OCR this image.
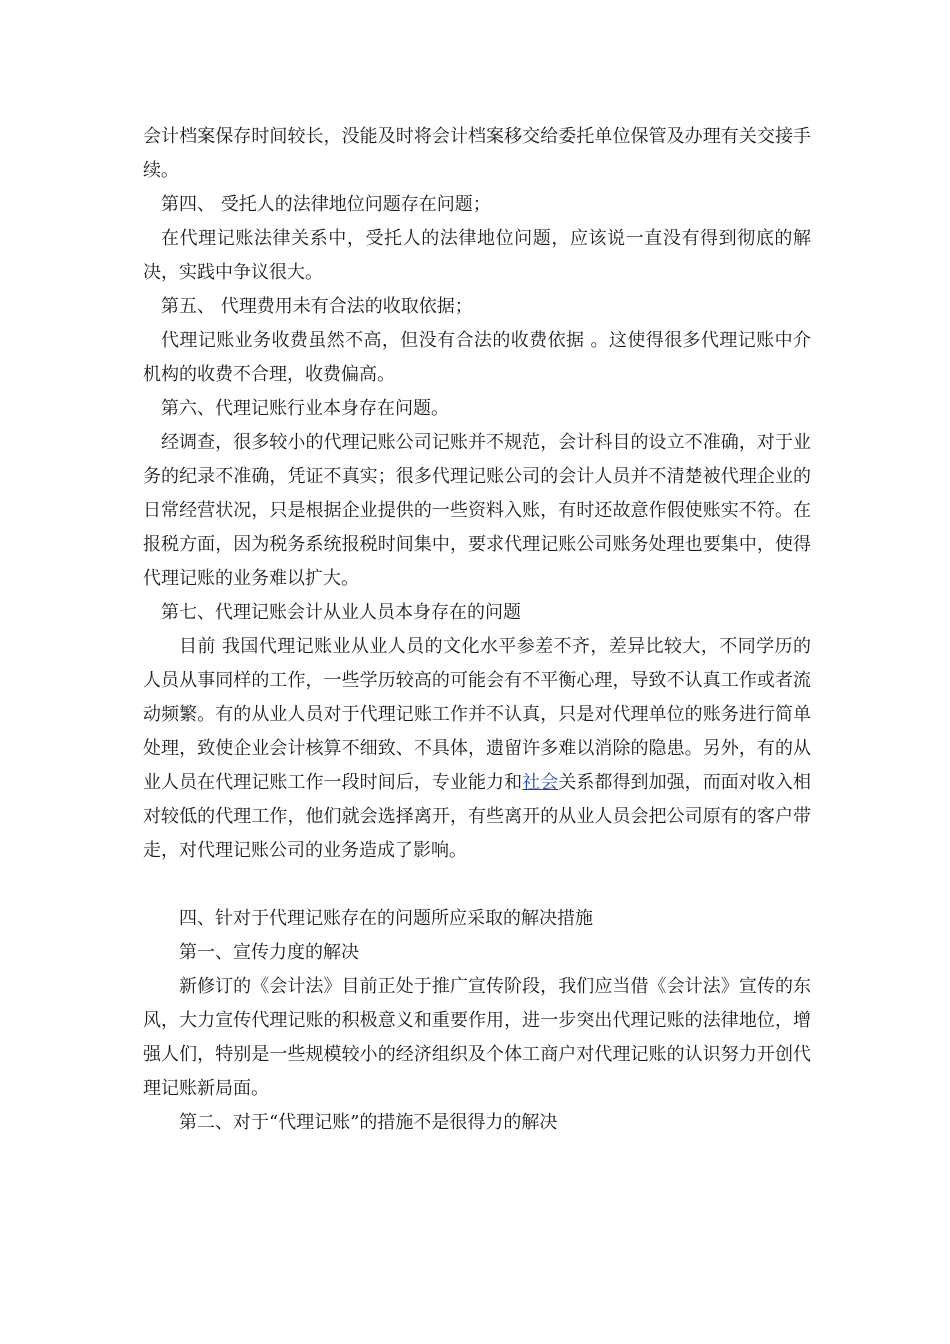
会计档案保存时间较长，没能及时将会计档案移交给委托单位保管及办理有关交接手续。

第四、 受托人的法律地位问题存在问题；

在代理记账法律关系中，受托人的法律地位问题，应该说一直没有得到彻底的解决，实践中争议很大。

第五、 代理费用未有合法的收取依据；

代理记账业务收费虽然不高，但没有合法的收费依据 。这使得很多代理记账中介机构的收费不合理，收费偏高。

第六、代理记账行业本身存在问题。

经调查，很多较小的代理记账公司记账并不规范，会计科目的设立不准确，对于业务的纪录不准确，凭证不真实；很多代理记账公司的会计人员并不清楚被代理企业的日常经营状况，只是根据企业提供的一些资料入账，有时还故意作假使账实不符。在报税方面，因为税务系统报税时间集中，要求代理记账公司账务处理也要集中，使得代理记账的业务难以扩大。

第七、代理记账会计从业人员本身存在的问题

目前 我国代理记账业从业人员的文化水平参差不齐，差异比较大，不同学历的人员从事同样的工作，一些学历较高的可能会有不平衡心理，导致不认真工作或者流动频繁。有的从业人员对于代理记账工作并不认真，只是对代理单位的账务进行简单处理，致使企业会计核算不细致、不具体，遗留许多难以消除的隐患。另外，有的从业人员在代理记账工作一段时间后，专业能力和社会关系都得到加强，而面对收入相对较低的代理工作，他们就会选择离开，有些离开的从业人员会把公司原有的客户带走，对代理记账公司的业务造成了影响。

四、针对于代理记账存在的问题所应采取的解决措施

第一、宣传力度的解决

新修订的《会计法》目前正处于推广宣传阶段，我们应当借《会计法》宣传的东风，大力宣传代理记账的积极意义和重要作用，进一步突出代理记账的法律地位，增强人们，特别是一些规模较小的经济组织及个体工商户对代理记账的认识努力开创代理记账新局面。

第二、对于“代理记账”的措施不是很得力的解决
